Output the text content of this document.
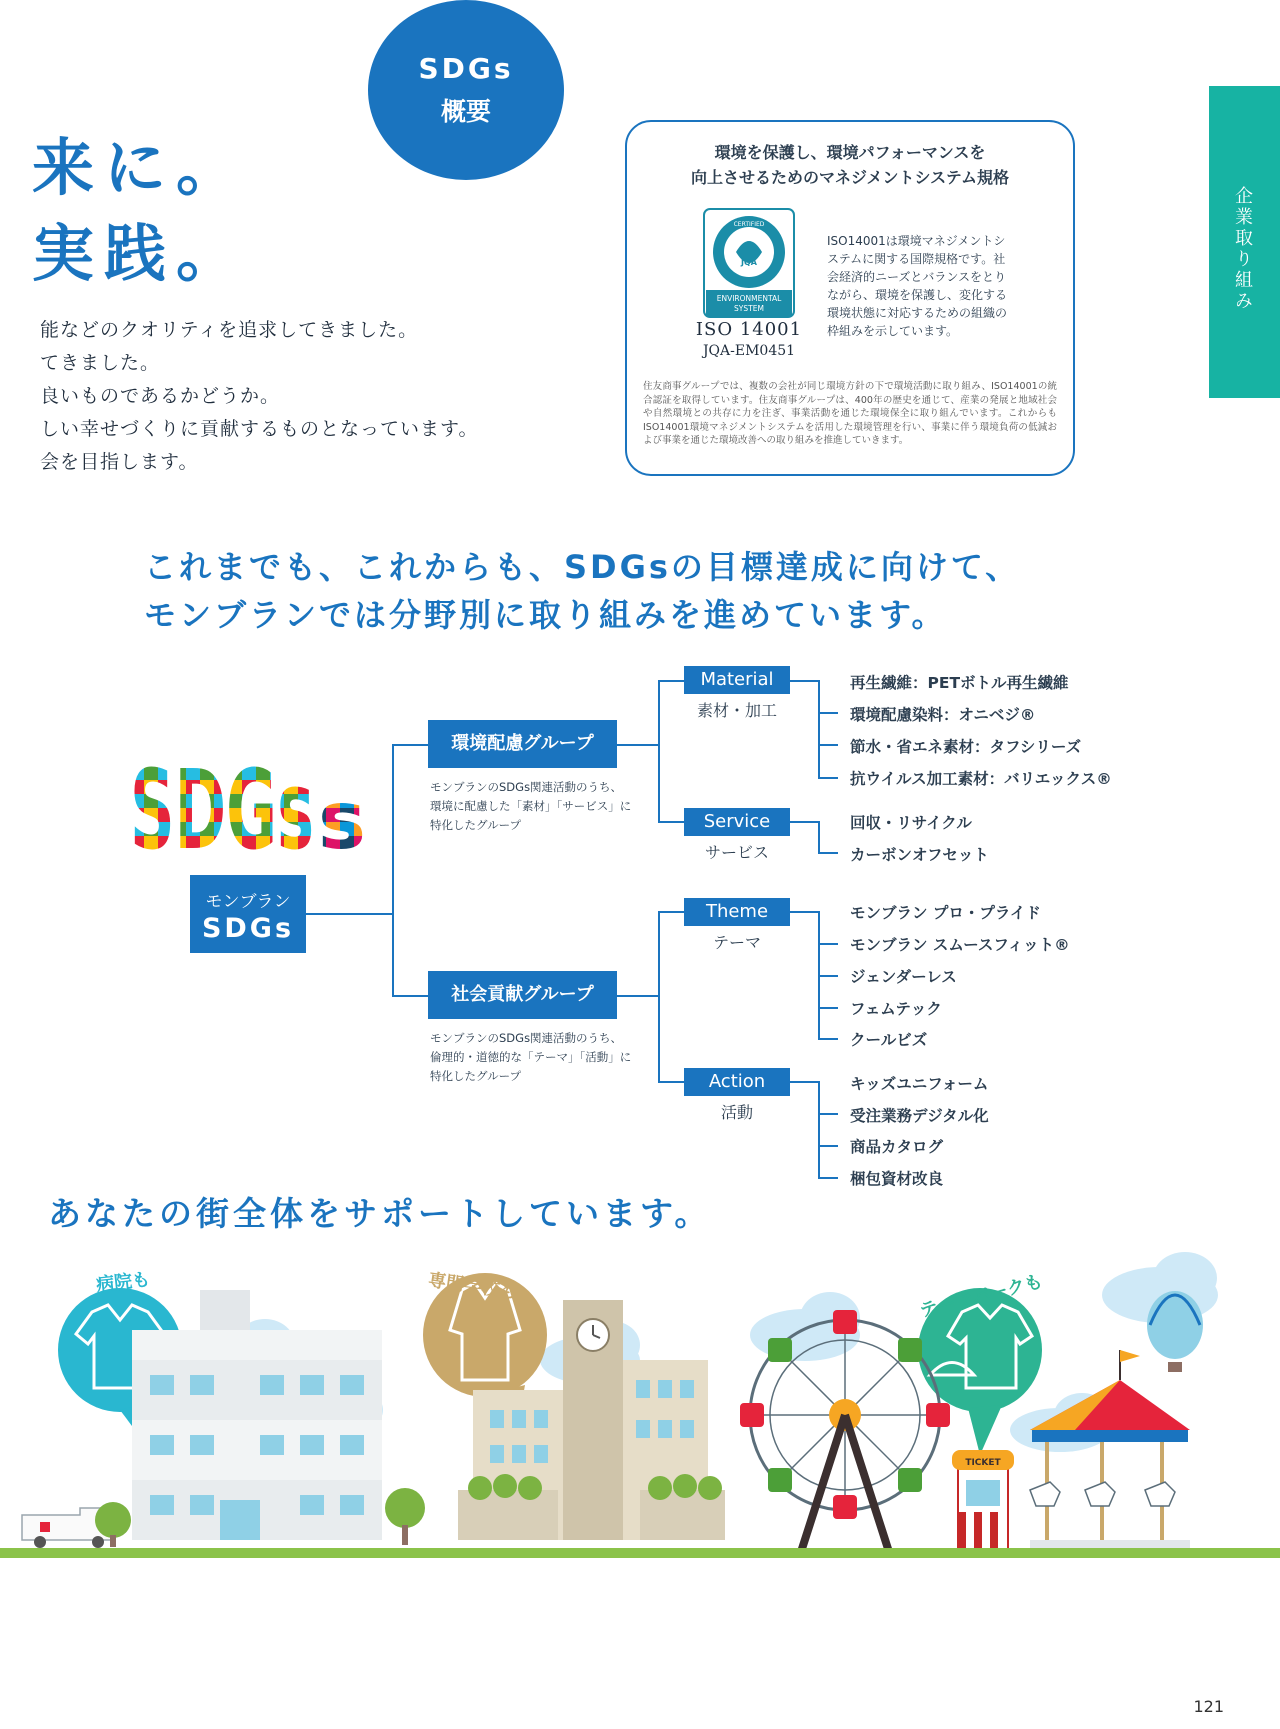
SDGs
概要
企業取り組み
来に。
実践。

能などのクオリティを追求してきました。

てきました。

良いものであるかどうか。

しい幸せづくりに貢献するものとなっています。

会を目指します。

環境を保護し、環境パフォーマンスを
向上させるためのマネジメントシステム規格
CERTIFIED
JQA
ENVIRONMENTAL
SYSTEM
ISO 14001
JQA-EM0451
ISO14001は環境マネジメントシステムに関する国際規格です。社会経済的ニーズとバランスをとりながら、環境を保護し、変化する環境状態に対応するための組織の枠組みを示しています。
住友商事グループでは、複数の会社が同じ環境方針の下で環境活動に取り組み、ISO14001の統合認証を取得しています。住友商事グループは、400年の歴史を通じて、産業の発展と地域社会や自然環境との共存に力を注ぎ、事業活動を通じた環境保全に取り組んでいます。これからもISO14001環境マネジメントシステムを活用した環境管理を行い、事業に伴う環境負荷の低減および事業を通じた環境改善への取り組みを推進していきます。
これまでも、これからも、SDGsの目標達成に向けて、
モンブランでは分野別に取り組みを進めています。
SDGs s
モンブラン
SDGs
環境配慮グループ
モンブランのSDGs関連活動のうち、
環境に配慮した「素材」「サービス」に
特化したグループ
社会貢献グループ
モンブランのSDGs関連活動のうち、
倫理的・道徳的な「テーマ」「活動」に
特化したグループ
Material
素材・加工
Service
サービス
Theme
テーマ
Action
活動
再生繊維：PETボトル再生繊維
環境配慮染料：オニベジ®
節水・省エネ素材：タフシリーズ
抗ウイルス加工素材：バリエックス®
回収・リサイクル
カーボンオフセット
モンブラン プロ・プライド
モンブラン スムースフィット®
ジェンダーレス
フェムテック
クールビズ
キッズユニフォーム
受注業務デジタル化
商品カタログ
梱包資材改良
あなたの街全体をサポートしています。
TICKET
病院も	専門学校も	テーマパークも
121
